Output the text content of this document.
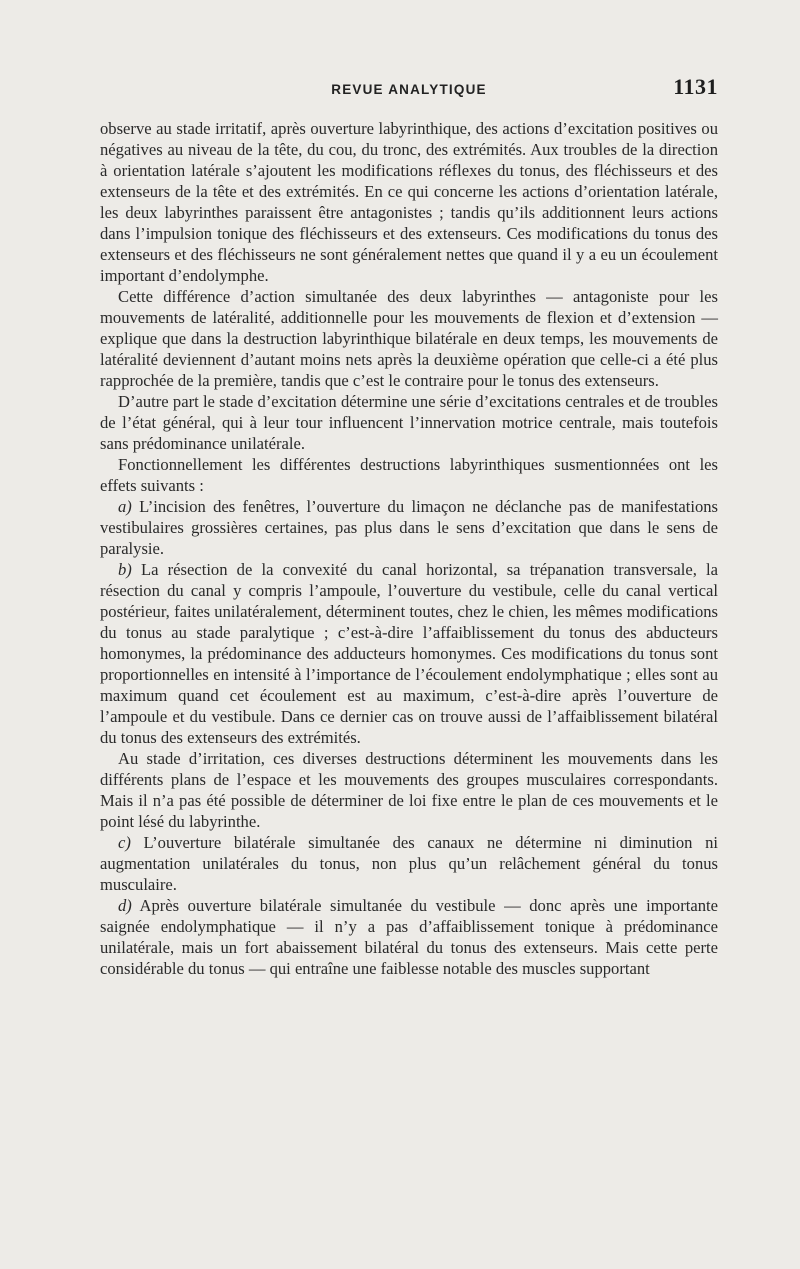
REVUE ANALYTIQUE	1131

observe au stade irritatif, après ouverture labyrinthique, des actions d’excitation positives ou négatives au niveau de la tête, du cou, du tronc, des extrémités. Aux troubles de la direction à orientation latérale s’ajoutent les modifications réflexes du tonus, des fléchisseurs et des extenseurs de la tête et des extrémités. En ce qui concerne les actions d’orientation latérale, les deux labyrinthes paraissent être antagonistes ; tandis qu’ils additionnent leurs actions dans l’impulsion tonique des fléchisseurs et des extenseurs. Ces modifications du tonus des extenseurs et des fléchisseurs ne sont généralement nettes que quand il y a eu un écoulement important d’endolymphe.

Cette différence d’action simultanée des deux labyrinthes — antagoniste pour les mouvements de latéralité, additionnelle pour les mouvements de flexion et d’extension — explique que dans la destruction labyrinthique bilatérale en deux temps, les mouvements de latéralité deviennent d’autant moins nets après la deuxième opération que celle-ci a été plus rapprochée de la première, tandis que c’est le contraire pour le tonus des extenseurs.

D’autre part le stade d’excitation détermine une série d’excitations centrales et de troubles de l’état général, qui à leur tour influencent l’innervation motrice centrale, mais toutefois sans prédominance unilatérale.

Fonctionnellement les différentes destructions labyrinthiques susmentionnées ont les effets suivants :

a) L’incision des fenêtres, l’ouverture du limaçon ne déclanche pas de manifestations vestibulaires grossières certaines, pas plus dans le sens d’excitation que dans le sens de paralysie.

b) La résection de la convexité du canal horizontal, sa trépanation transversale, la résection du canal y compris l’ampoule, l’ouverture du vestibule, celle du canal vertical postérieur, faites unilatéralement, déterminent toutes, chez le chien, les mêmes modifications du tonus au stade paralytique ; c’est-à-dire l’affaiblissement du tonus des abducteurs homonymes, la prédominance des adducteurs homonymes. Ces modifications du tonus sont proportionnelles en intensité à l’importance de l’écoulement endolymphatique ; elles sont au maximum quand cet écoulement est au maximum, c’est-à-dire après l’ouverture de l’ampoule et du vestibule. Dans ce dernier cas on trouve aussi de l’affaiblissement bilatéral du tonus des extenseurs des extrémités.

Au stade d’irritation, ces diverses destructions déterminent les mouvements dans les différents plans de l’espace et les mouvements des groupes musculaires correspondants. Mais il n’a pas été possible de déterminer de loi fixe entre le plan de ces mouvements et le point lésé du labyrinthe.

c) L’ouverture bilatérale simultanée des canaux ne détermine ni diminution ni augmentation unilatérales du tonus, non plus qu’un relâchement général du tonus musculaire.

d) Après ouverture bilatérale simultanée du vestibule — donc après une importante saignée endolymphatique — il n’y a pas d’affaiblissement tonique à prédominance unilatérale, mais un fort abaissement bilatéral du tonus des extenseurs. Mais cette perte considérable du tonus — qui entraîne une faiblesse notable des muscles supportant
